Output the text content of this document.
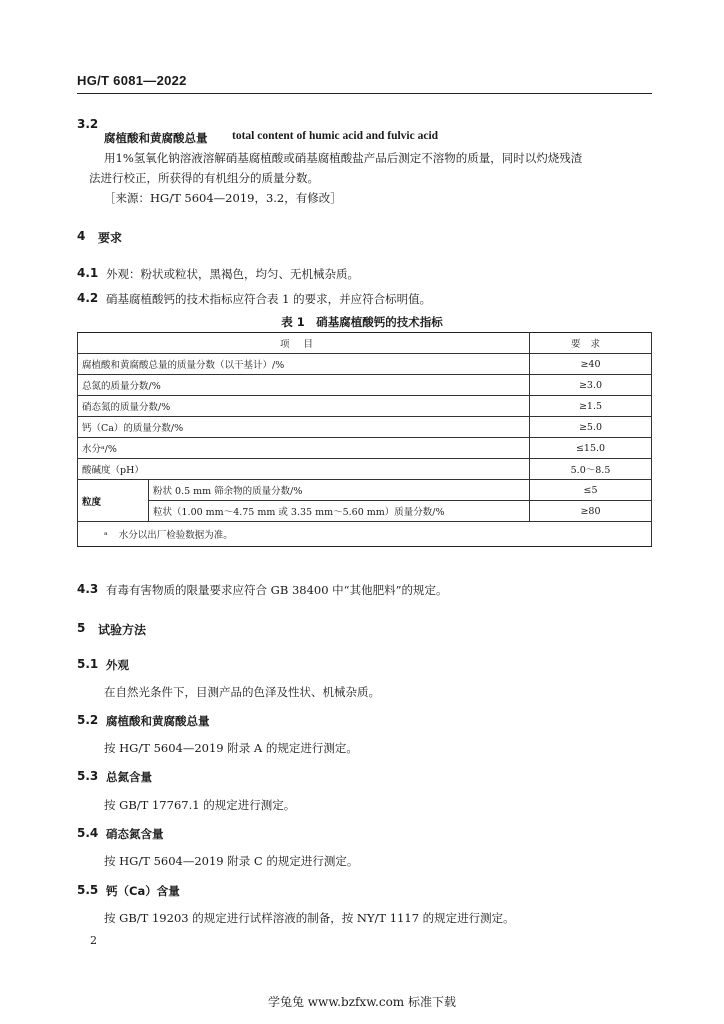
HG/T 6081—2022
3.2
腐植酸和黄腐酸总量 total content of humic acid and fulvic acid
用1%氢氧化钠溶液溶解硝基腐植酸或硝基腐植酸盐产品后测定不溶物的质量，同时以灼烧残渣
法进行校正，所获得的有机组分的质量分数。
［来源：HG/T 5604—2019，3.2，有修改］
4 要求
4.1 外观：粉状或粒状，黑褐色，均匀、无机械杂质。
4.2 硝基腐植酸钙的技术指标应符合表 1 的要求，并应符合标明值。
表 1　硝基腐植酸钙的技术指标
项目		要求
腐植酸和黄腐酸总量的质量分数（以干基计）/%		≥40
总氮的质量分数/%		≥3.0
硝态氮的质量分数/%		≥1.5
钙（Ca）的质量分数/%		≥5.0
水分ᵃ/%		≤15.0
酸碱度（pH）		5.0～8.5
粒度	粉状 0.5 mm 筛余物的质量分数/%	≤5
	粒状（1.00 mm～4.75 mm 或 3.35 mm～5.60 mm）质量分数/%	≥80
ᵃ 水分以出厂检验数据为准。		
4.3 有毒有害物质的限量要求应符合 GB 38400 中“其他肥料”的规定。
5 试验方法
5.1 外观
在自然光条件下，目测产品的色泽及性状、机械杂质。
5.2 腐植酸和黄腐酸总量
按 HG/T 5604—2019 附录 A 的规定进行测定。
5.3 总氮含量
按 GB/T 17767.1 的规定进行测定。
5.4 硝态氮含量
按 HG/T 5604—2019 附录 C 的规定进行测定。
5.5 钙（Ca）含量
按 GB/T 19203 的规定进行试样溶液的制备，按 NY/T 1117 的规定进行测定。
2
学兔兔 www.bzfxw.com 标准下载
